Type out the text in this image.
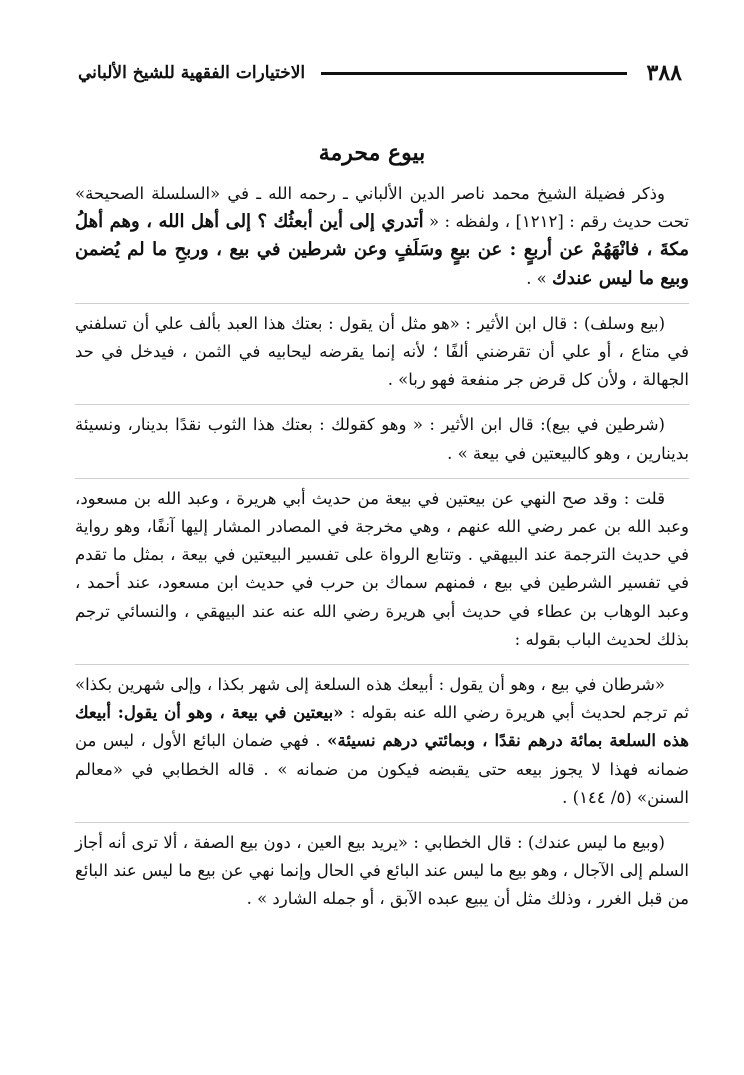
٣٨٨
الاختيارات الفقهية للشيخ الألباني
بيوع محرمة

وذكر فضيلة الشيخ محمد ناصر الدين الألباني ـ رحمه الله ـ في «السلسلة الصحيحة» تحت حديث رقم : [١٢١٢] ، ولفظه : « أتدري إلى أين أبعثُك ؟ إلى أهل الله ، وهم أهلُ مكةَ ، فانْهَهُمْ عن أربعٍ : عن بيعٍ وسَلَفٍ وعن شرطين في بيع ، وربحِ ما لم يُضمن وبيع ما ليس عندك » .

(بيع وسلف) : قال ابن الأثير : «هو مثل أن يقول : بعتك هذا العبد بألف علي أن تسلفني في متاع ، أو علي أن تقرضني ألفًا ؛ لأنه إنما يقرضه ليحابيه في الثمن ، فيدخل في حد الجهالة ، ولأن كل قرض جر منفعة فهو ربا» .

(شرطين في بيع): قال ابن الأثير : « وهو كقولك : بعتك هذا الثوب نقدًا بدينار، ونسيئة بدينارين ، وهو كالبيعتين في بيعة » .

قلت : وقد صح النهي عن بيعتين في بيعة من حديث أبي هريرة ، وعبد الله بن مسعود، وعبد الله بن عمر رضي الله عنهم ، وهي مخرجة في المصادر المشار إليها آنفًا، وهو رواية في حديث الترجمة عند البيهقي . وتتابع الرواة على تفسير البيعتين في بيعة ، بمثل ما تقدم في تفسير الشرطين في بيع ، فمنهم سماك بن حرب في حديث ابن مسعود، عند أحمد ، وعبد الوهاب بن عطاء في حديث أبي هريرة رضي الله عنه عند البيهقي ، والنسائي ترجم بذلك لحديث الباب بقوله :

«شرطان في بيع ، وهو أن يقول : أبيعك هذه السلعة إلى شهر بكذا ، وإلى شهرين بكذا» ثم ترجم لحديث أبي هريرة رضي الله عنه بقوله : «بيعتين في بيعة ، وهو أن يقول: أبيعك هذه السلعة بمائة درهم نقدًا ، وبمائتي درهم نسيئة» . فهي ضمان البائع الأول ، ليس من ضمانه فهذا لا يجوز بيعه حتى يقبضه فيكون من ضمانه » . قاله الخطابي في «معالم السنن» (٥/ ١٤٤) .

(وبيع ما ليس عندك) : قال الخطابي : «يريد بيع العين ، دون بيع الصفة ، ألا ترى أنه أجاز السلم إلى الآجال ، وهو بيع ما ليس عند البائع في الحال وإنما نهي عن بيع ما ليس عند البائع من قبل الغرر ، وذلك مثل أن يبيع عبده الآبق ، أو جمله الشارد » .
